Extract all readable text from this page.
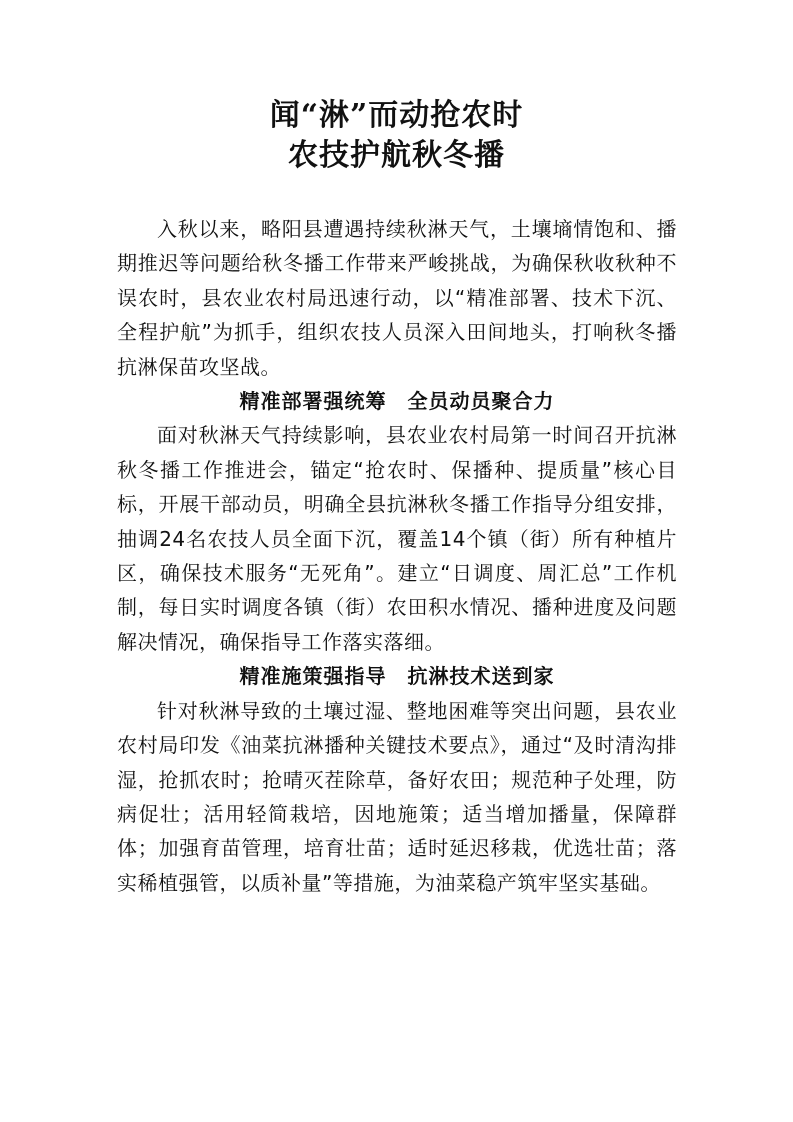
闻“淋”而动抢农时

农技护航秋冬播

入秋以来，略阳县遭遇持续秋淋天气，土壤墒情饱和、播期推迟等问题给秋冬播工作带来严峻挑战，为确保秋收秋种不误农时，县农业农村局迅速行动，以“精准部署、技术下沉、全程护航”为抓手，组织农技人员深入田间地头，打响秋冬播抗淋保苗攻坚战。

精准部署强统筹　全员动员聚合力

面对秋淋天气持续影响，县农业农村局第一时间召开抗淋秋冬播工作推进会，锚定“抢农时、保播种、提质量”核心目标，开展干部动员，明确全县抗淋秋冬播工作指导分组安排，抽调24名农技人员全面下沉，覆盖14个镇（街）所有种植片区，确保技术服务“无死角”。建立“日调度、周汇总”工作机制，每日实时调度各镇（街）农田积水情况、播种进度及问题解决情况，确保指导工作落实落细。

精准施策强指导　抗淋技术送到家

针对秋淋导致的土壤过湿、整地困难等突出问题，县农业农村局印发《油菜抗淋播种关键技术要点》，通过“及时清沟排湿，抢抓农时；抢晴灭茬除草，备好农田；规范种子处理，防病促壮；活用轻简栽培，因地施策；适当增加播量，保障群体；加强育苗管理，培育壮苗；适时延迟移栽，优选壮苗；落实稀植强管，以质补量”等措施，为油菜稳产筑牢坚实基础。
